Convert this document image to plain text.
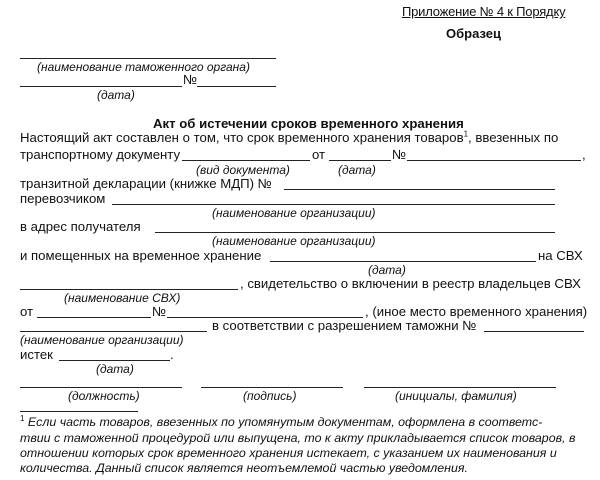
Приложение № 4 к Порядку
Образец
(наименование таможенного органа)
№
(дата)
Акт об истечении сроков временного хранения
Настоящий акт составлен о том, что срок временного хранения товаров$^1$, ввезенных по
транспортному документу	от	№	,
(вид документа)	(дата)
транзитной декларации (книжке МДП) №
перевозчиком
(наименование организации)
в адрес получателя
(наименование организации)
и помещенных на временное хранение	на СВХ
(дата)
, свидетельство о включении в реестр владельцев СВХ
(наименование СВХ)
от	№	, (иное место временного хранения)
в соответствии с разрешением таможни №
(наименование организации)
истек	.
(дата)
(должность)	(подпись)	(инициалы, фамилия)
$^1$ Если часть товаров, ввезенных по упомянутым документам, оформлена в соответс-
твии с таможенной процедурой или выпущена, то к акту прикладывается список товаров, в
отношении которых срок временного хранения истекает, с указанием их наименования и
количества. Данный список является неотъемлемой частью уведомления.
